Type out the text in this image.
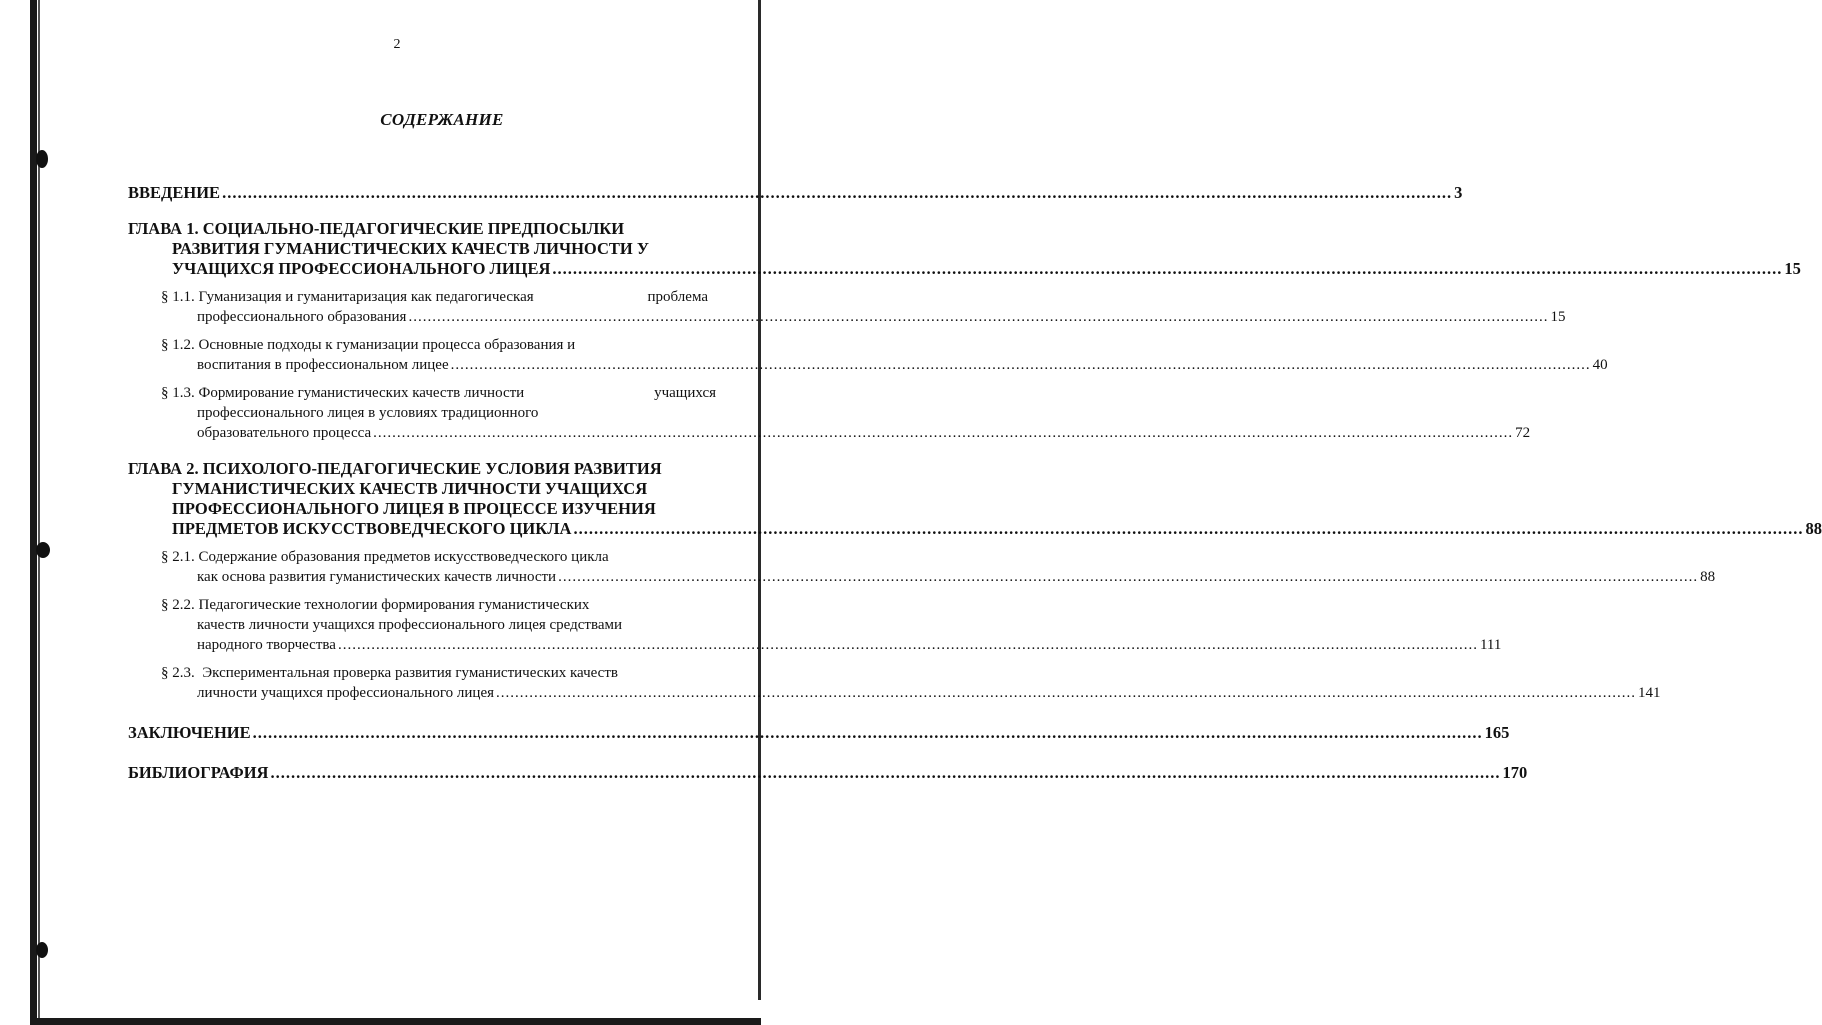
2
СОДЕРЖАНИЕ
ВВЕДЕНИЕ .....	3
ГЛАВА 1. СОЦИАЛЬНО-ПЕДАГОГИЧЕСКИЕ ПРЕДПОСЫЛКИ
РАЗВИТИЯ ГУМАНИСТИЧЕСКИХ КАЧЕСТВ ЛИЧНОСТИ У
УЧАЩИХСЯ ПРОФЕССИОНАЛЬНОГО ЛИЦЕЯ .....	15
§ 1.1. Гуманизация и гуманитаризация как педагогическая	проблема
профессионального образования .....	15
§ 1.2. Основные подходы к гуманизации процесса образования и
воспитания в профессиональном лицее .....	40
§ 1.3. Формирование гуманистических качеств личности	учащихся
профессионального лицея в условиях традиционного
образовательного процесса .....	72
ГЛАВА 2. ПСИХОЛОГО-ПЕДАГОГИЧЕСКИЕ УСЛОВИЯ РАЗВИТИЯ
ГУМАНИСТИЧЕСКИХ КАЧЕСТВ ЛИЧНОСТИ УЧАЩИХСЯ
ПРОФЕССИОНАЛЬНОГО ЛИЦЕЯ В ПРОЦЕССЕ ИЗУЧЕНИЯ
ПРЕДМЕТОВ ИСКУССТВОВЕДЧЕСКОГО ЦИКЛА .....	88
§ 2.1. Содержание образования предметов искусствоведческого цикла
как основа развития гуманистических качеств личности .....	88
§ 2.2. Педагогические технологии формирования гуманистических
качеств личности учащихся профессионального лицея средствами
народного творчества .....	111
§ 2.3.  Экспериментальная проверка развития гуманистических качеств
личности учащихся профессионального лицея .....	141
ЗАКЛЮЧЕНИЕ .....	165
БИБЛИОГРАФИЯ .....	170
